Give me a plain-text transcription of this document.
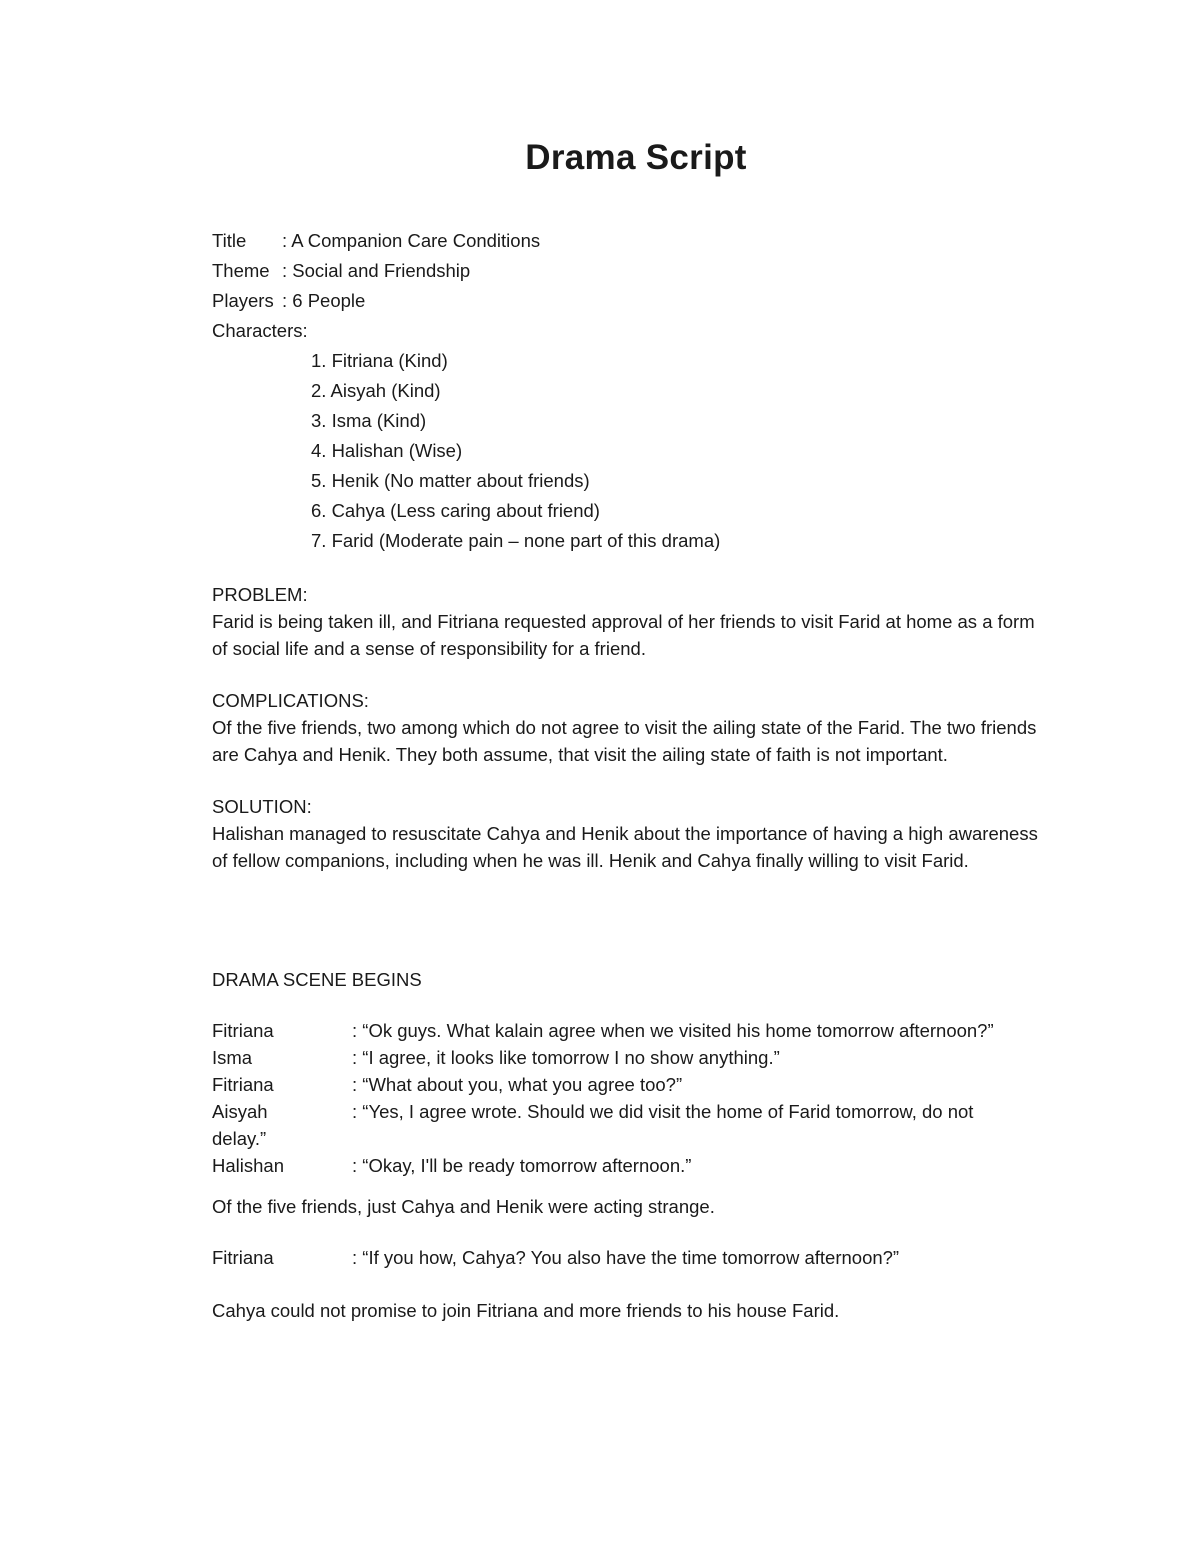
Drama Script
Title	: A Companion Care Conditions
Theme : Social and Friendship
Players : 6 People
Characters:
1. Fitriana (Kind)
2. Aisyah (Kind)
3. Isma (Kind)
4. Halishan (Wise)
5. Henik (No matter about friends)
6. Cahya (Less caring about friend)
7. Farid (Moderate pain – none part of this drama)
PROBLEM:

Farid is being taken ill, and Fitriana requested approval of her friends to visit Farid at home as a form of social life and a sense of responsibility for a friend.

COMPLICATIONS:

Of the five friends, two among which do not agree to visit the ailing state of the Farid. The two friends are Cahya and Henik. They both assume, that visit the ailing state of faith is not important.

SOLUTION:

Halishan managed to resuscitate Cahya and Henik about the importance of having a high awareness of fellow companions, including when he was ill. Henik and Cahya finally willing to visit Farid.

DRAMA SCENE BEGINS
Fitriana	: “Ok guys. What kalain agree when we visited his home tomorrow afternoon?”
Isma	: “I agree, it looks like tomorrow I no show anything.”
Fitriana	: “What about you, what you agree too?”
Aisyah	: “Yes, I agree wrote. Should we did visit the home of Farid tomorrow, do not
delay.”
Halishan	: “Okay, I'll be ready tomorrow afternoon.”
Of the five friends, just Cahya and Henik were acting strange.
Fitriana	: “If you how, Cahya? You also have the time tomorrow afternoon?”
Cahya could not promise to join Fitriana and more friends to his house Farid.
